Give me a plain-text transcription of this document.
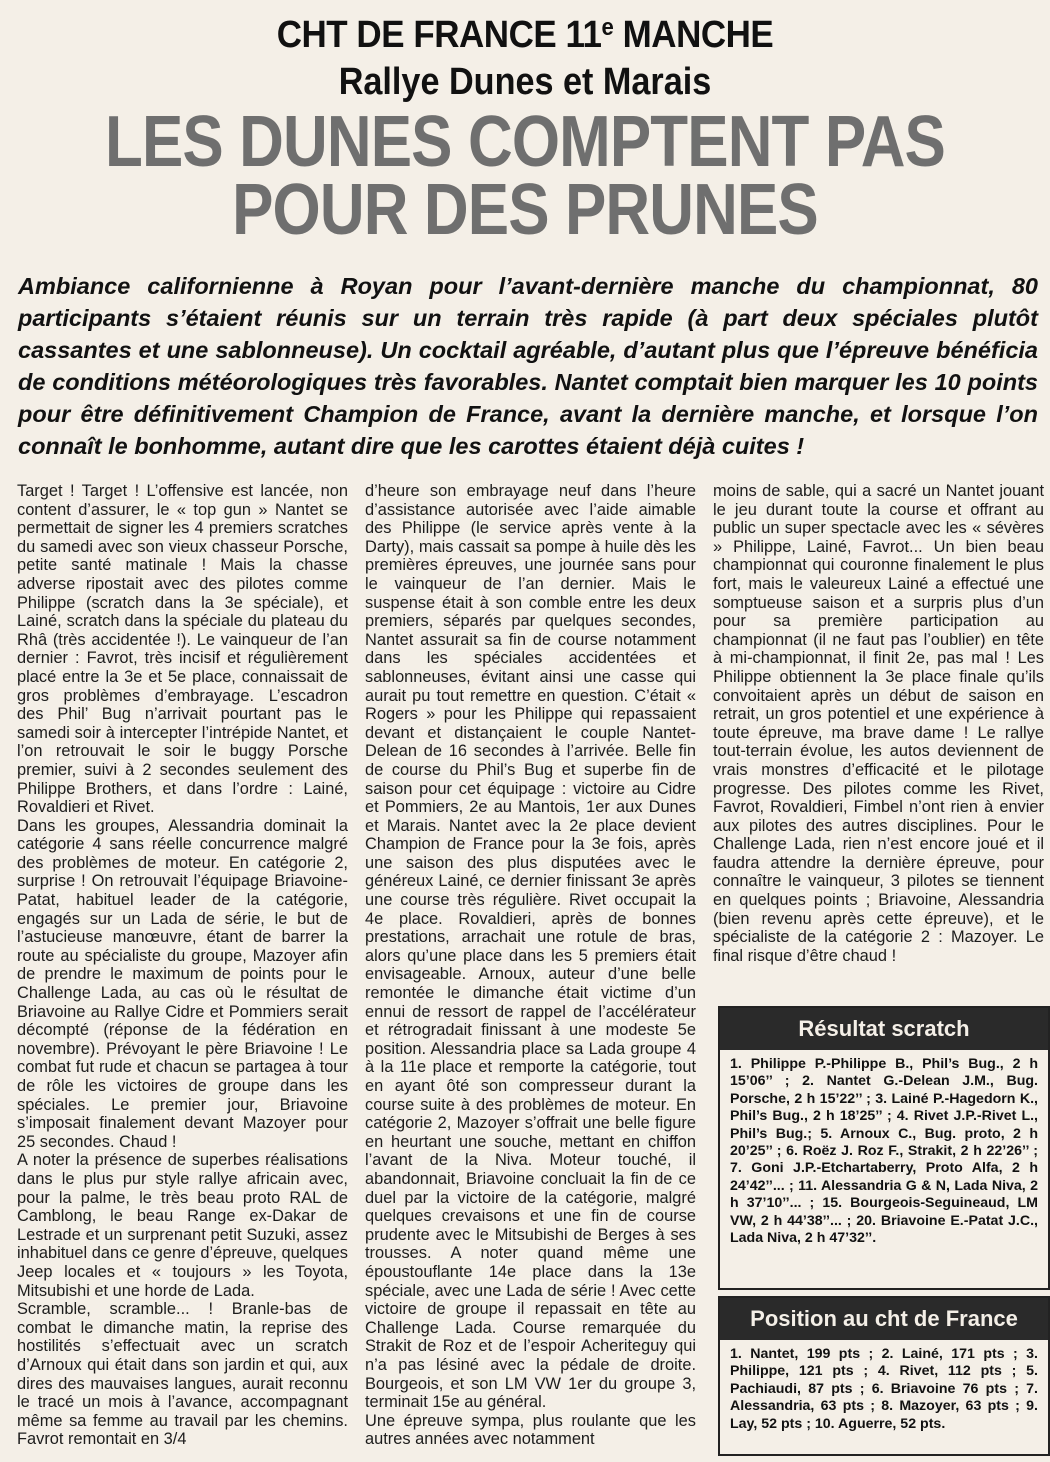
CHT DE FRANCE 11e MANCHE
Rallye Dunes et Marais
LES DUNES COMPTENT PAS
POUR DES PRUNES
Ambiance californienne à Royan pour l’avant-dernière manche du championnat, 80 participants s’étaient réunis sur un terrain très rapide (à part deux spéciales plutôt cassantes et une sablonneuse). Un cocktail agréable, d’autant plus que l’épreuve bénéficia de conditions météorologiques très favorables. Nantet comptait bien marquer les 10 points pour être définitivement Champion de France, avant la dernière manche, et lorsque l’on connaît le bonhomme, autant dire que les carottes étaient déjà cuites !

Target ! Target ! L’offensive est lancée, non content d’assurer, le « top gun » Nantet se permettait de signer les 4 premiers scratches du samedi avec son vieux chasseur Porsche, petite santé matinale ! Mais la chasse adverse ripostait avec des pilotes comme Philippe (scratch dans la 3e spéciale), et Lainé, scratch dans la spéciale du plateau du Rhâ (très accidentée !). Le vainqueur de l’an dernier : Favrot, très incisif et régulièrement placé entre la 3e et 5e place, connaissait de gros problèmes d’embrayage. L’escadron des Phil’ Bug n’arrivait pourtant pas le samedi soir à intercepter l’intrépide Nantet, et l’on retrouvait le soir le buggy Porsche premier, suivi à 2 secondes seulement des Philippe Brothers, et dans l’ordre : Lainé, Rovaldieri et Rivet.

Dans les groupes, Alessandria dominait la catégorie 4 sans réelle concurrence malgré des problèmes de moteur. En catégorie 2, surprise ! On retrouvait l’équipage Briavoine-Patat, habituel leader de la catégorie, engagés sur un Lada de série, le but de l’astucieuse manœuvre, étant de barrer la route au spécialiste du groupe, Mazoyer afin de prendre le maximum de points pour le Challenge Lada, au cas où le résultat de Briavoine au Rallye Cidre et Pommiers serait décompté (réponse de la fédération en novembre). Prévoyant le père Briavoine ! Le combat fut rude et chacun se partagea à tour de rôle les victoires de groupe dans les spéciales. Le premier jour, Briavoine s’imposait finalement devant Mazoyer pour 25 secondes. Chaud !

A noter la présence de superbes réalisations dans le plus pur style rallye africain avec, pour la palme, le très beau proto RAL de Camblong, le beau Range ex-Dakar de Lestrade et un surprenant petit Suzuki, assez inhabituel dans ce genre d’épreuve, quelques Jeep locales et « toujours » les Toyota, Mitsubishi et une horde de Lada.

Scramble, scramble... ! Branle-bas de combat le dimanche matin, la reprise des hostilités s’effectuait avec un scratch d’Arnoux qui était dans son jardin et qui, aux dires des mauvaises langues, aurait reconnu le tracé un mois à l’avance, accompagnant même sa femme au travail par les chemins. Favrot remontait en 3/4

d’heure son embrayage neuf dans l’heure d’assistance autorisée avec l’aide aimable des Philippe (le service après vente à la Darty), mais cassait sa pompe à huile dès les premières épreuves, une journée sans pour le vainqueur de l’an dernier. Mais le suspense était à son comble entre les deux premiers, séparés par quelques secondes, Nantet assurait sa fin de course notamment dans les spéciales accidentées et sablonneuses, évitant ainsi une casse qui aurait pu tout remettre en question. C’était « Rogers » pour les Philippe qui repassaient devant et distançaient le couple Nantet-Delean de 16 secondes à l’arrivée. Belle fin de course du Phil’s Bug et superbe fin de saison pour cet équipage : victoire au Cidre et Pommiers, 2e au Mantois, 1er aux Dunes et Marais. Nantet avec la 2e place devient Champion de France pour la 3e fois, après une saison des plus disputées avec le généreux Lainé, ce dernier finissant 3e après une course très régulière. Rivet occupait la 4e place. Rovaldieri, après de bonnes prestations, arrachait une rotule de bras, alors qu’une place dans les 5 premiers était envisageable. Arnoux, auteur d’une belle remontée le dimanche était victime d’un ennui de ressort de rappel de l’accélérateur et rétrogradait finissant à une modeste 5e position. Alessandria place sa Lada groupe 4 à la 11e place et remporte la catégorie, tout en ayant ôté son compresseur durant la course suite à des problèmes de moteur. En catégorie 2, Mazoyer s’offrait une belle figure en heurtant une souche, mettant en chiffon l’avant de la Niva. Moteur touché, il abandonnait, Briavoine concluait la fin de ce duel par la victoire de la catégorie, malgré quelques crevaisons et une fin de course prudente avec le Mitsubishi de Berges à ses trousses. A noter quand même une époustouflante 14e place dans la 13e spéciale, avec une Lada de série ! Avec cette victoire de groupe il repassait en tête au Challenge Lada. Course remarquée du Strakit de Roz et de l’espoir Acheriteguy qui n’a pas lésiné avec la pédale de droite. Bourgeois, et son LM VW 1er du groupe 3, terminait 15e au général.

Une épreuve sympa, plus roulante que les autres années avec notamment

moins de sable, qui a sacré un Nantet jouant le jeu durant toute la course et offrant au public un super spectacle avec les « sévères » Philippe, Lainé, Favrot... Un bien beau championnat qui couronne finalement le plus fort, mais le valeureux Lainé a effectué une somptueuse saison et a surpris plus d’un pour sa première participation au championnat (il ne faut pas l’oublier) en tête à mi-championnat, il finit 2e, pas mal ! Les Philippe obtiennent la 3e place finale qu’ils convoitaient après un début de saison en retrait, un gros potentiel et une expérience à toute épreuve, ma brave dame ! Le rallye tout-terrain évolue, les autos deviennent de vrais monstres d’efficacité et le pilotage progresse. Des pilotes comme les Rivet, Favrot, Rovaldieri, Fimbel n’ont rien à envier aux pilotes des autres disciplines. Pour le Challenge Lada, rien n’est encore joué et il faudra attendre la dernière épreuve, pour connaître le vainqueur, 3 pilotes se tiennent en quelques points ; Briavoine, Alessandria (bien revenu après cette épreuve), et le spécialiste de la catégorie 2 : Mazoyer. Le final risque d’être chaud !

Résultat scratch
1. Philippe P.-Philippe B., Phil’s Bug., 2 h 15’06’’ ; 2. Nantet G.-Delean J.M., Bug. Porsche, 2 h 15’22’’ ; 3. Lainé P.-Hagedorn K., Phil’s Bug., 2 h 18’25’’ ; 4. Rivet J.P.-Rivet L., Phil’s Bug.; 5. Arnoux C., Bug. proto, 2 h 20’25’’ ; 6. Roëz J. Roz F., Strakit, 2 h 22’26’’ ; 7. Goni J.P.-Etchartaberry, Proto Alfa, 2 h 24’42’’... ; 11. Alessandria G & N, Lada Niva, 2 h 37’10’’... ; 15. Bourgeois-Seguineaud, LM VW, 2 h 44’38’’... ; 20. Briavoine E.-Patat J.C., Lada Niva, 2 h 47’32’’.
Position au cht de France
1. Nantet, 199 pts ; 2. Lainé, 171 pts ; 3. Philippe, 121 pts ; 4. Rivet, 112 pts ; 5. Pachiaudi, 87 pts ; 6. Briavoine 76 pts ; 7. Alessandria, 63 pts ; 8. Mazoyer, 63 pts ; 9. Lay, 52 pts ; 10. Aguerre, 52 pts.
